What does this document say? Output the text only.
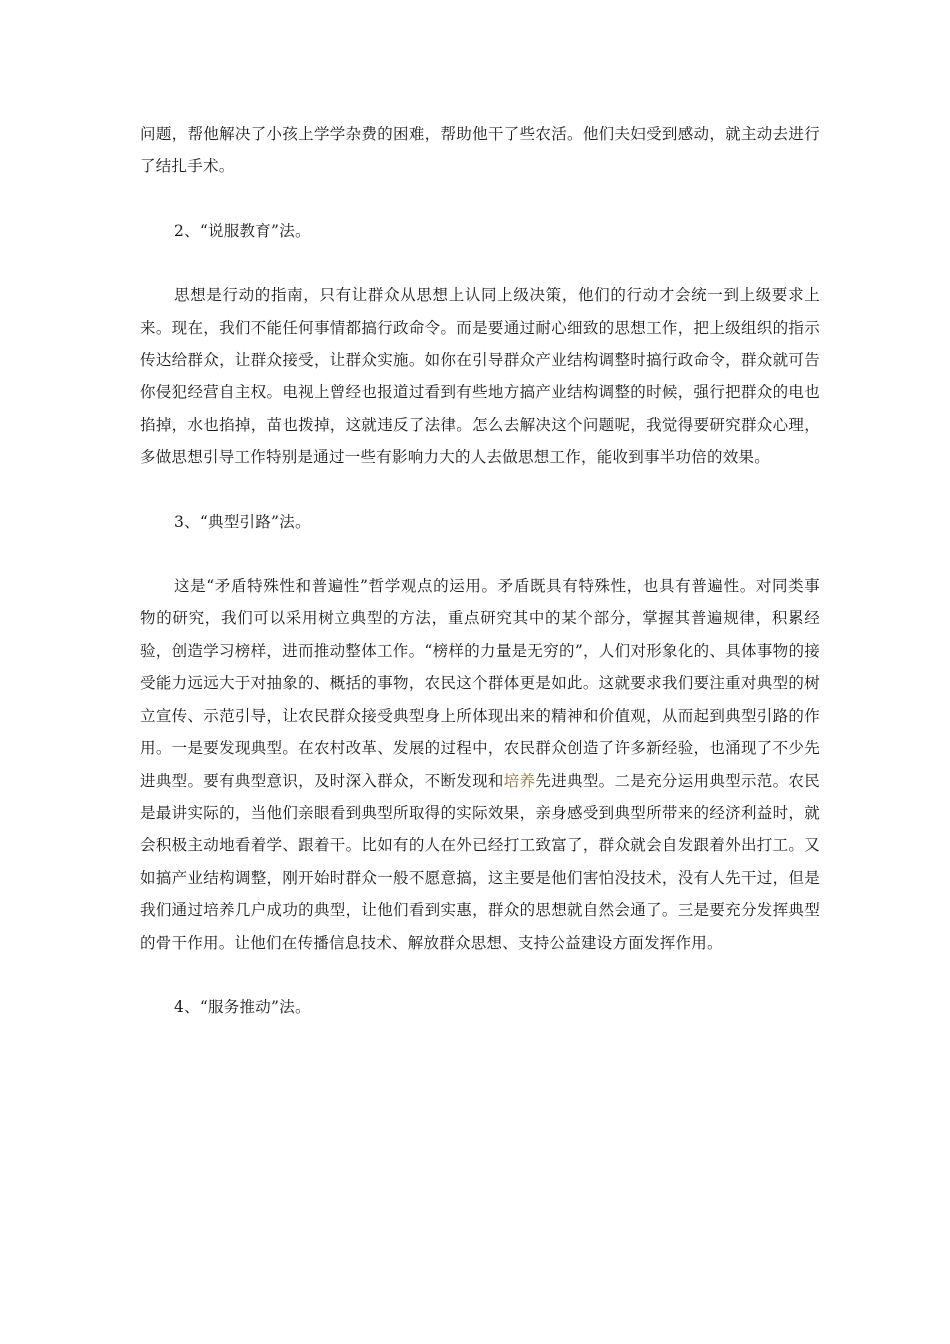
问题，帮他解决了小孩上学学杂费的困难，帮助他干了些农活。他们夫妇受到感动，就主动去进行了结扎手术。

2、“说服教育”法。

思想是行动的指南，只有让群众从思想上认同上级决策，他们的行动才会统一到上级要求上来。现在，我们不能任何事情都搞行政命令。而是要通过耐心细致的思想工作，把上级组织的指示传达给群众，让群众接受，让群众实施。如你在引导群众产业结构调整时搞行政命令，群众就可告你侵犯经营自主权。电视上曾经也报道过看到有些地方搞产业结构调整的时候，强行把群众的电也掐掉，水也掐掉，苗也拨掉，这就违反了法律。怎么去解决这个问题呢，我觉得要研究群众心理，多做思想引导工作特别是通过一些有影响力大的人去做思想工作，能收到事半功倍的效果。

3、“典型引路”法。

这是“矛盾特殊性和普遍性”哲学观点的运用。矛盾既具有特殊性，也具有普遍性。对同类事物的研究，我们可以采用树立典型的方法，重点研究其中的某个部分，掌握其普遍规律，积累经验，创造学习榜样，进而推动整体工作。“榜样的力量是无穷的”，人们对形象化的、具体事物的接受能力远远大于对抽象的、概括的事物，农民这个群体更是如此。这就要求我们要注重对典型的树立宣传、示范引导，让农民群众接受典型身上所体现出来的精神和价值观，从而起到典型引路的作用。一是要发现典型。在农村改革、发展的过程中，农民群众创造了许多新经验，也涌现了不少先进典型。要有典型意识，及时深入群众，不断发现和培养先进典型。二是充分运用典型示范。农民是最讲实际的，当他们亲眼看到典型所取得的实际效果，亲身感受到典型所带来的经济利益时，就会积极主动地看着学、跟着干。比如有的人在外已经打工致富了，群众就会自发跟着外出打工。又如搞产业结构调整，刚开始时群众一般不愿意搞，这主要是他们害怕没技术，没有人先干过，但是我们通过培养几户成功的典型，让他们看到实惠，群众的思想就自然会通了。三是要充分发挥典型的骨干作用。让他们在传播信息技术、解放群众思想、支持公益建设方面发挥作用。

4、“服务推动”法。
